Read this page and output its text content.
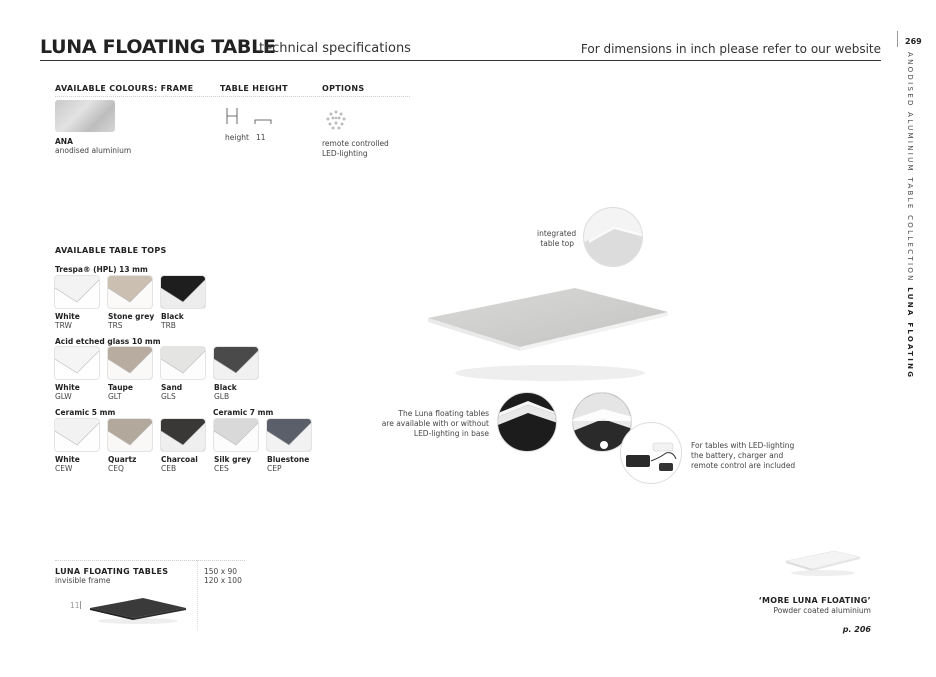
LUNA FLOATING TABLE
technical specifications	For dimensions in inch please refer to our website
269
ANODISED ALUMINIUM TABLE COLLECTION LUNA FLOATING
AVAILABLE COLOURS: FRAME
ANA
anodised aluminium
TABLE HEIGHT
height 11
OPTIONS
remote controlled
LED-lighting
AVAILABLE TABLE TOPS
Trespa® (HPL) 13 mm
White
TRW
Stone grey
TRS
Black
TRB
Acid etched glass 10 mm
White
GLW
Taupe
GLT
Sand
GLS
Black
GLB
Ceramic 5 mm	Ceramic 7 mm
White
CEW
Quartz
CEQ
Charcoal
CEB
Silk grey
CES
Bluestone
CEP
integrated
table top
The Luna floating tables
are available with or without
LED-lighting in base
For tables with LED-lighting
the battery, charger and
remote control are included
LUNA FLOATING TABLES
invisible frame
150 x 90
120 x 100
11
‘MORE LUNA FLOATING’
Powder coated aluminium
p. 206
